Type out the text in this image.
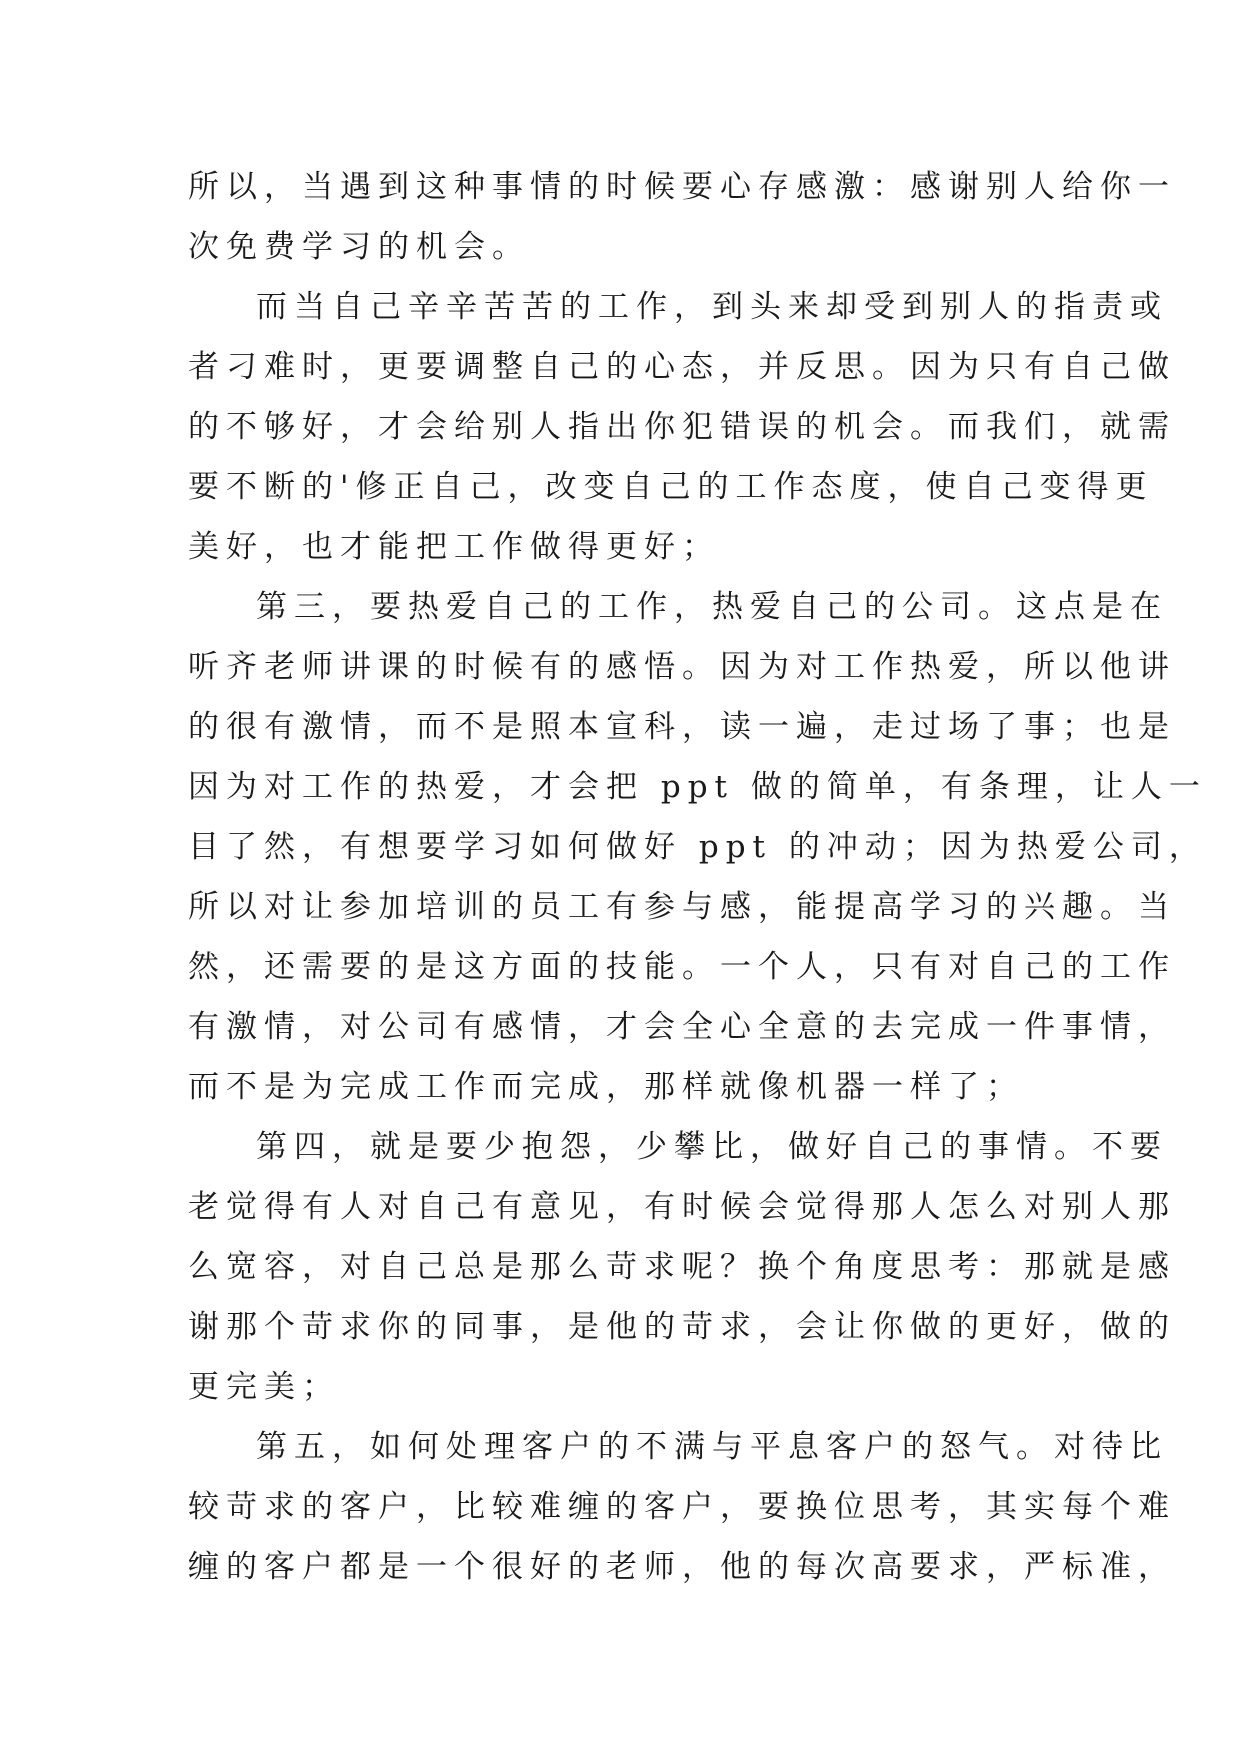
所以，当遇到这种事情的时候要心存感激：感谢别人给你一
次免费学习的机会。
而当自己辛辛苦苦的工作，到头来却受到别人的指责或
者刁难时，更要调整自己的心态，并反思。因为只有自己做
的不够好，才会给别人指出你犯错误的机会。而我们，就需
要不断的'修正自己，改变自己的工作态度，使自己变得更
美好，也才能把工作做得更好；
第三，要热爱自己的工作，热爱自己的公司。这点是在
听齐老师讲课的时候有的感悟。因为对工作热爱，所以他讲
的很有激情，而不是照本宣科，读一遍，走过场了事；也是
因为对工作的热爱，才会把 ppt 做的简单，有条理，让人一
目了然，有想要学习如何做好 ppt 的冲动；因为热爱公司，
所以对让参加培训的员工有参与感，能提高学习的兴趣。当
然，还需要的是这方面的技能。一个人，只有对自己的工作
有激情，对公司有感情，才会全心全意的去完成一件事情，
而不是为完成工作而完成，那样就像机器一样了；
第四，就是要少抱怨，少攀比，做好自己的事情。不要
老觉得有人对自己有意见，有时候会觉得那人怎么对别人那
么宽容，对自己总是那么苛求呢？换个角度思考：那就是感
谢那个苛求你的同事，是他的苛求，会让你做的更好，做的
更完美；
第五，如何处理客户的不满与平息客户的怒气。对待比
较苛求的客户，比较难缠的客户，要换位思考，其实每个难
缠的客户都是一个很好的老师，他的每次高要求，严标准，
